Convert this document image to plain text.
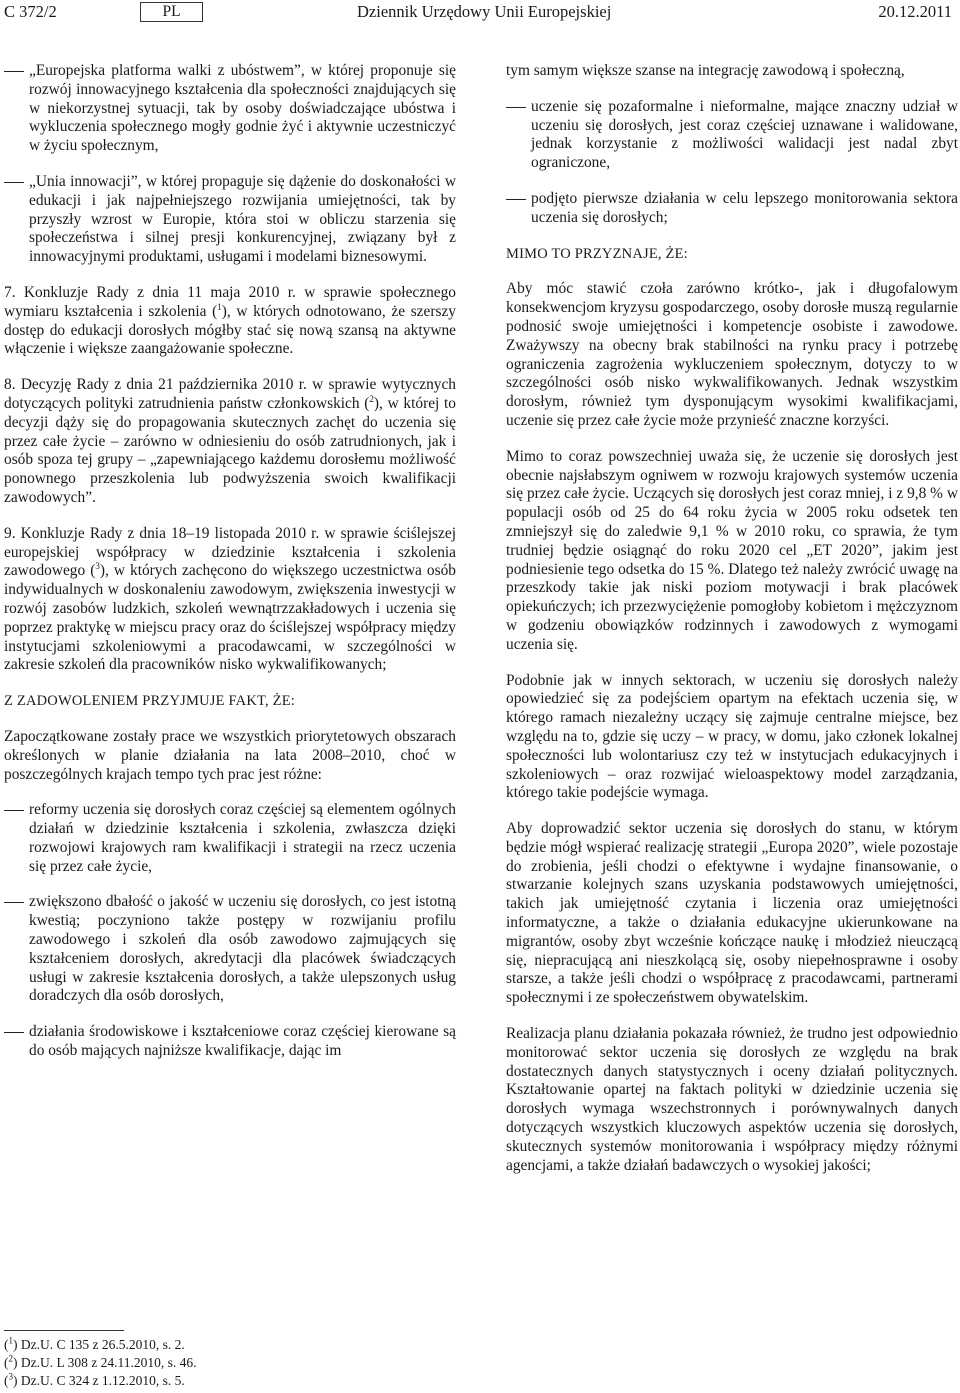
C 372/2	PL	Dziennik Urzędowy Unii Europejskiej	20.12.2011
„Europejska platforma walki z ubóstwem”, w której proponuje się rozwój innowacyjnego kształcenia dla społeczności znajdujących się w niekorzystnej sytuacji, tak by osoby doświadczające ubóstwa i wykluczenia społecznego mogły godnie żyć i aktywnie uczestniczyć w życiu społecznym,
„Unia innowacji”, w której propaguje się dążenie do doskonałości w edukacji i jak najpełniejszego rozwijania umiejętności, tak by przyszły wzrost w Europie, która stoi w obliczu starzenia się społeczeństwa i silnej presji konkurencyjnej, związany był z innowacyjnymi produktami, usługami i modelami biznesowymi.
7. Konkluzje Rady z dnia 11 maja 2010 r. w sprawie społecznego wymiaru kształcenia i szkolenia ($^1$), w których odnotowano, że szerszy dostęp do edukacji dorosłych mógłby stać się nową szansą na aktywne włączenie i większe zaangażowanie społeczne.
8. Decyzję Rady z dnia 21 października 2010 r. w sprawie wytycznych dotyczących polityki zatrudnienia państw członkowskich ($^2$), w której to decyzji dąży się do propagowania skutecznych zachęt do uczenia się przez całe życie – zarówno w odniesieniu do osób zatrudnionych, jak i osób spoza tej grupy – „zapewniającego każdemu dorosłemu możliwość ponownego przeszkolenia lub podwyższenia swoich kwalifikacji zawodowych”.
9. Konkluzje Rady z dnia 18–19 listopada 2010 r. w sprawie ściślejszej europejskiej współpracy w dziedzinie kształcenia i szkolenia zawodowego ($^3$), w których zachęcono do większego uczestnictwa osób indywidualnych w doskonaleniu zawodowym, zwiększenia inwestycji w rozwój zasobów ludzkich, szkoleń wewnątrzzakładowych i uczenia się poprzez praktykę w miejscu pracy oraz do ściślejszej współpracy między instytucjami szkoleniowymi a pracodawcami, w szczególności w zakresie szkoleń dla pracowników nisko wykwalifikowanych;
Z ZADOWOLENIEM PRZYJMUJE FAKT, ŻE:
Zapoczątkowane zostały prace we wszystkich priorytetowych obszarach określonych w planie działania na lata 2008–2010, choć w poszczególnych krajach tempo tych prac jest różne:
reformy uczenia się dorosłych coraz częściej są elementem ogólnych działań w dziedzinie kształcenia i szkolenia, zwłaszcza dzięki rozwojowi krajowych ram kwalifikacji i strategii na rzecz uczenia się przez całe życie,
zwiększono dbałość o jakość w uczeniu się dorosłych, co jest istotną kwestią; poczyniono także postępy w rozwijaniu profilu zawodowego i szkoleń dla osób zawodowo zajmujących się kształceniem dorosłych, akredytacji dla placówek świadczących usługi w zakresie kształcenia dorosłych, a także ulepszonych usług doradczych dla osób dorosłych,
działania środowiskowe i kształceniowe coraz częściej kierowane są do osób mających najniższe kwalifikacje, dając im
tym samym większe szanse na integrację zawodową i społeczną,
uczenie się pozaformalne i nieformalne, mające znaczny udział w uczeniu się dorosłych, jest coraz częściej uznawane i walidowane, jednak korzystanie z możliwości walidacji jest nadal zbyt ograniczone,
podjęto pierwsze działania w celu lepszego monitorowania sektora uczenia się dorosłych;
MIMO TO PRZYZNAJE, ŻE:
Aby móc stawić czoła zarówno krótko-, jak i długofalowym konsekwencjom kryzysu gospodarczego, osoby dorosłe muszą regularnie podnosić swoje umiejętności i kompetencje osobiste i zawodowe. Zważywszy na obecny brak stabilności na rynku pracy i potrzebę ograniczenia zagrożenia wykluczeniem społecznym, dotyczy to w szczególności osób nisko wykwalifikowanych. Jednak wszystkim dorosłym, również tym dysponującym wysokimi kwalifikacjami, uczenie się przez całe życie może przynieść znaczne korzyści.
Mimo to coraz powszechniej uważa się, że uczenie się dorosłych jest obecnie najsłabszym ogniwem w rozwoju krajowych systemów uczenia się przez całe życie. Uczących się dorosłych jest coraz mniej, i z 9,8 % w populacji osób od 25 do 64 roku życia w 2005 roku odsetek ten zmniejszył się do zaledwie 9,1 % w 2010 roku, co sprawia, że tym trudniej będzie osiągnąć do roku 2020 cel „ET 2020”, jakim jest podniesienie tego odsetka do 15 %. Dlatego też należy zwrócić uwagę na przeszkody takie jak niski poziom motywacji i brak placówek opiekuńczych; ich przezwyciężenie pomogłoby kobietom i mężczyznom w godzeniu obowiązków rodzinnych i zawodowych z wymogami uczenia się.
Podobnie jak w innych sektorach, w uczeniu się dorosłych należy opowiedzieć się za podejściem opartym na efektach uczenia się, w którego ramach niezależny uczący się zajmuje centralne miejsce, bez względu na to, gdzie się uczy – w pracy, w domu, jako członek lokalnej społeczności lub wolontariusz czy też w instytucjach edukacyjnych i szkoleniowych – oraz rozwijać wieloaspektowy model zarządzania, którego takie podejście wymaga.
Aby doprowadzić sektor uczenia się dorosłych do stanu, w którym będzie mógł wspierać realizację strategii „Europa 2020”, wiele pozostaje do zrobienia, jeśli chodzi o efektywne i wydajne finansowanie, o stwarzanie kolejnych szans uzyskania podstawowych umiejętności, takich jak umiejętność czytania i liczenia oraz umiejętności informatyczne, a także o działania edukacyjne ukierunkowane na migrantów, osoby zbyt wcześnie kończące naukę i młodzież nieuczącą się, niepracującą ani nieszkolącą się, osoby niepełnosprawne i osoby starsze, a także jeśli chodzi o współpracę z pracodawcami, partnerami społecznymi i ze społeczeństwem obywatelskim.
Realizacja planu działania pokazała również, że trudno jest odpowiednio monitorować sektor uczenia się dorosłych ze względu na brak dostatecznych danych statystycznych i oceny działań politycznych. Kształtowanie opartej na faktach polityki w dziedzinie uczenia się dorosłych wymaga wszechstronnych i porównywalnych danych dotyczących wszystkich kluczowych aspektów uczenia się dorosłych, skutecznych systemów monitorowania i współpracy między różnymi agencjami, a także działań badawczych o wysokiej jakości;
($^1$) Dz.U. C 135 z 26.5.2010, s. 2.
($^2$) Dz.U. L 308 z 24.11.2010, s. 46.
($^3$) Dz.U. C 324 z 1.12.2010, s. 5.
